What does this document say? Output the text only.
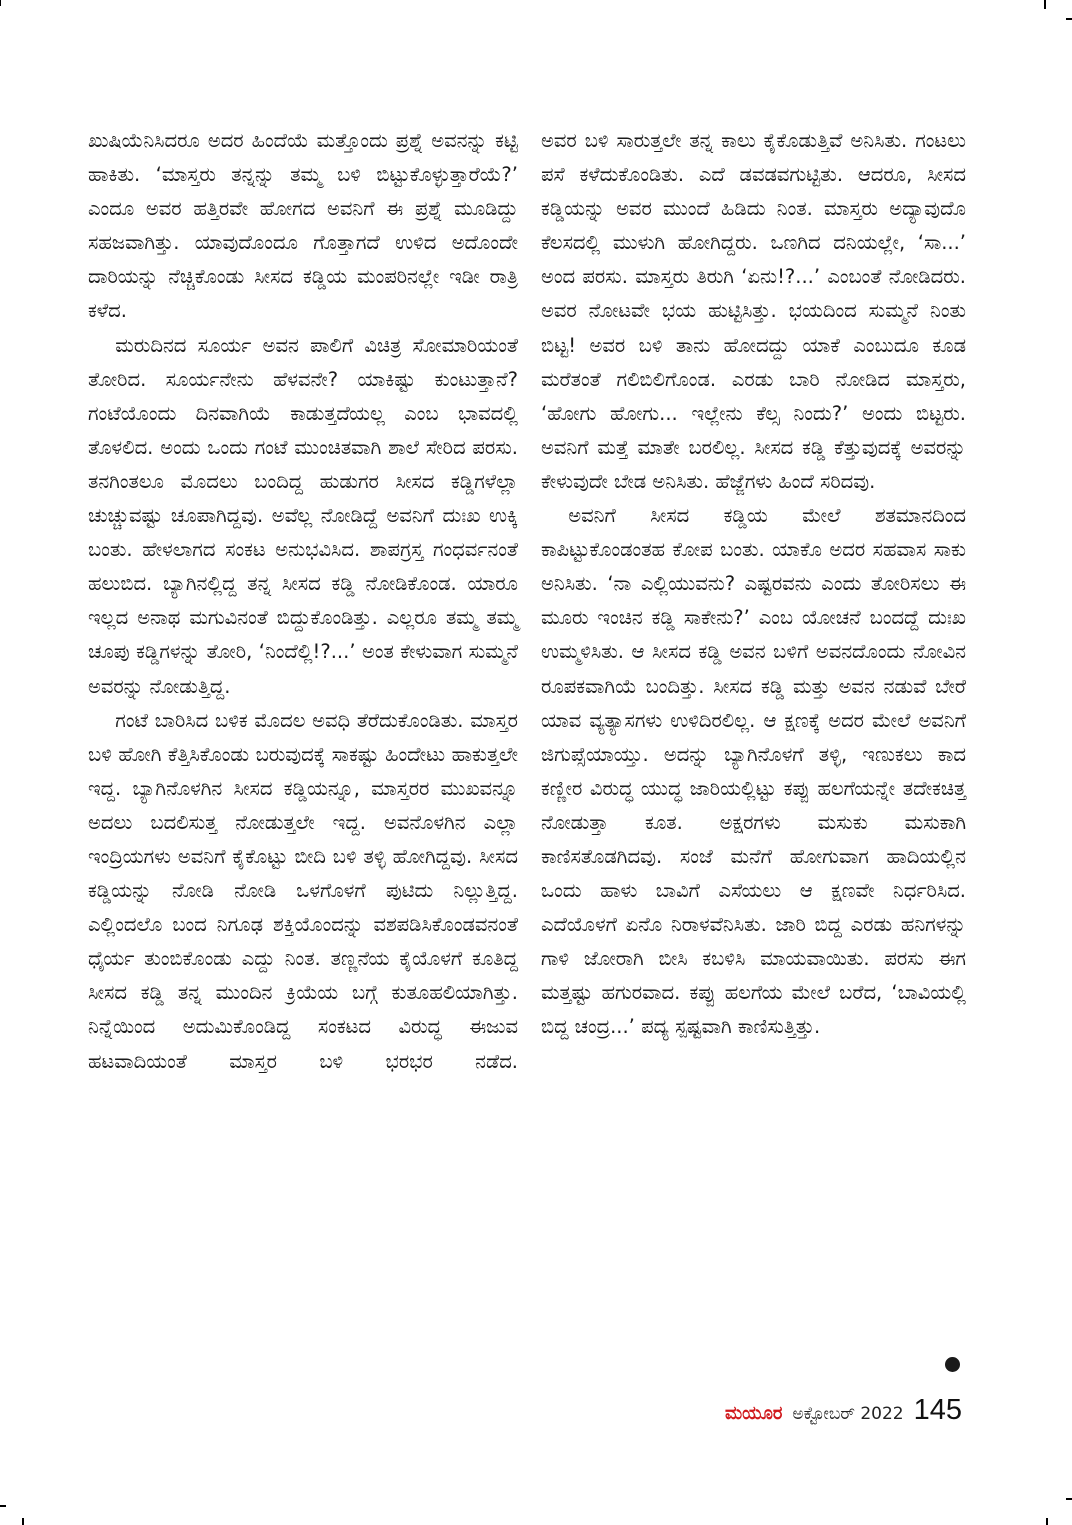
ಖುಷಿಯೆನಿಸಿದರೂ ಅದರ ಹಿಂದೆಯೆ ಮತ್ತೊಂದು ಪ್ರಶ್ನೆ ಅವನನ್ನು ಕಟ್ಟಿ ಹಾಕಿತು. ‘ಮಾಸ್ತರು ತನ್ನನ್ನು ತಮ್ಮ ಬಳಿ ಬಿಟ್ಟುಕೊಳ್ಳುತ್ತಾರೆಯೆ?’ ಎಂದೂ ಅವರ ಹತ್ತಿರವೇ ಹೋಗದ ಅವನಿಗೆ ಈ ಪ್ರಶ್ನೆ ಮೂಡಿದ್ದು ಸಹಜವಾಗಿತ್ತು. ಯಾವುದೊಂದೂ ಗೊತ್ತಾಗದೆ ಉಳಿದ ಅದೊಂದೇ ದಾರಿಯನ್ನು ನೆಚ್ಚಿಕೊಂಡು ಸೀಸದ ಕಡ್ಡಿಯ ಮಂಪರಿನಲ್ಲೇ ಇಡೀ ರಾತ್ರಿ ಕಳೆದ.

ಮರುದಿನದ ಸೂರ್ಯ ಅವನ ಪಾಲಿಗೆ ವಿಚಿತ್ರ ಸೋಮಾರಿಯಂತೆ ತೋರಿದ. ಸೂರ್ಯನೇನು ಹೆಳವನೇ? ಯಾಕಿಷ್ಟು ಕುಂಟುತ್ತಾನೆ? ಗಂಟೆಯೊಂದು ದಿನವಾಗಿಯೆ ಕಾಡುತ್ತದೆಯಲ್ಲ ಎಂಬ ಭಾವದಲ್ಲಿ ತೊಳಲಿದ. ಅಂದು ಒಂದು ಗಂಟೆ ಮುಂಚಿತವಾಗಿ ಶಾಲೆ ಸೇರಿದ ಪರಸು. ತನಗಿಂತಲೂ ಮೊದಲು ಬಂದಿದ್ದ ಹುಡುಗರ ಸೀಸದ ಕಡ್ಡಿಗಳೆಲ್ಲಾ ಚುಚ್ಚುವಷ್ಟು ಚೂಪಾಗಿದ್ದವು. ಅವೆಲ್ಲ ನೋಡಿದ್ದೆ ಅವನಿಗೆ ದುಃಖ ಉಕ್ಕಿ ಬಂತು. ಹೇಳಲಾಗದ ಸಂಕಟ ಅನುಭವಿಸಿದ. ಶಾಪಗ್ರಸ್ತ ಗಂಧರ್ವನಂತೆ ಹಲುಬಿದ. ಬ್ಯಾಗಿನಲ್ಲಿದ್ದ ತನ್ನ ಸೀಸದ ಕಡ್ಡಿ ನೋಡಿಕೊಂಡ. ಯಾರೂ ಇಲ್ಲದ ಅನಾಥ ಮಗುವಿನಂತೆ ಬಿದ್ದುಕೊಂಡಿತ್ತು. ಎಲ್ಲರೂ ತಮ್ಮ ತಮ್ಮ ಚೂಪು ಕಡ್ಡಿಗಳನ್ನು ತೋರಿ, ‘ನಿಂದೆಲ್ಲಿ!?...’ ಅಂತ ಕೇಳುವಾಗ ಸುಮ್ಮನೆ ಅವರನ್ನು ನೋಡುತ್ತಿದ್ದ.

ಗಂಟೆ ಬಾರಿಸಿದ ಬಳಿಕ ಮೊದಲ ಅವಧಿ ತೆರೆದುಕೊಂಡಿತು. ಮಾಸ್ತರ ಬಳಿ ಹೋಗಿ ಕೆತ್ತಿಸಿಕೊಂಡು ಬರುವುದಕ್ಕೆ ಸಾಕಷ್ಟು ಹಿಂದೇಟು ಹಾಕುತ್ತಲೇ ಇದ್ದ. ಬ್ಯಾಗಿನೊಳಗಿನ ಸೀಸದ ಕಡ್ಡಿಯನ್ನೂ, ಮಾಸ್ತರರ ಮುಖವನ್ನೂ ಅದಲು ಬದಲಿಸುತ್ತ ನೋಡುತ್ತಲೇ ಇದ್ದ. ಅವನೊಳಗಿನ ಎಲ್ಲಾ ಇಂದ್ರಿಯಗಳು ಅವನಿಗೆ ಕೈಕೊಟ್ಟು ಬೀದಿ ಬಳಿ ತಳ್ಳಿ ಹೋಗಿದ್ದವು. ಸೀಸದ ಕಡ್ಡಿಯನ್ನು ನೋಡಿ ನೋಡಿ ಒಳಗೊಳಗೆ ಪುಟಿದು ನಿಲ್ಲುತ್ತಿದ್ದ. ಎಲ್ಲಿಂದಲೊ ಬಂದ ನಿಗೂಢ ಶಕ್ತಿಯೊಂದನ್ನು ವಶಪಡಿಸಿಕೊಂಡವನಂತೆ ಧೈರ್ಯ ತುಂಬಿಕೊಂಡು ಎದ್ದು ನಿಂತ. ತಣ್ಣನೆಯ ಕೈಯೊಳಗೆ ಕೂತಿದ್ದ ಸೀಸದ ಕಡ್ಡಿ ತನ್ನ ಮುಂದಿನ ಕ್ರಿಯೆಯ ಬಗ್ಗೆ ಕುತೂಹಲಿಯಾಗಿತ್ತು. ನಿನ್ನೆಯಿಂದ ಅದುಮಿಕೊಂಡಿದ್ದ ಸಂಕಟದ ವಿರುದ್ಧ ಈಜುವ ಹಟವಾದಿಯಂತೆ ಮಾಸ್ತರ ಬಳಿ ಭರಭರ ನಡೆದ.

ಅವರ ಬಳಿ ಸಾರುತ್ತಲೇ ತನ್ನ ಕಾಲು ಕೈಕೊಡುತ್ತಿವೆ ಅನಿಸಿತು. ಗಂಟಲು ಪಸೆ ಕಳೆದುಕೊಂಡಿತು. ಎದೆ ಡವಡವಗುಟ್ಟಿತು. ಆದರೂ, ಸೀಸದ ಕಡ್ಡಿಯನ್ನು ಅವರ ಮುಂದೆ ಹಿಡಿದು ನಿಂತ. ಮಾಸ್ತರು ಅದ್ಯಾವುದೊ ಕೆಲಸದಲ್ಲಿ ಮುಳುಗಿ ಹೋಗಿದ್ದರು. ಒಣಗಿದ ದನಿಯಲ್ಲೇ, ‘ಸಾ...’ ಅಂದ ಪರಸು. ಮಾಸ್ತರು ತಿರುಗಿ ‘ಏನು!?...’ ಎಂಬಂತೆ ನೋಡಿದರು. ಅವರ ನೋಟವೇ ಭಯ ಹುಟ್ಟಿಸಿತ್ತು. ಭಯದಿಂದ ಸುಮ್ಮನೆ ನಿಂತು ಬಿಟ್ಟ! ಅವರ ಬಳಿ ತಾನು ಹೋದದ್ದು ಯಾಕೆ ಎಂಬುದೂ ಕೂಡ ಮರೆತಂತೆ ಗಲಿಬಿಲಿಗೊಂಡ. ಎರಡು ಬಾರಿ ನೋಡಿದ ಮಾಸ್ತರು, ‘ಹೋಗು ಹೋಗು... ಇಲ್ಲೇನು ಕೆಲ್ಸ ನಿಂದು?’ ಅಂದು ಬಿಟ್ಟರು. ಅವನಿಗೆ ಮತ್ತೆ ಮಾತೇ ಬರಲಿಲ್ಲ. ಸೀಸದ ಕಡ್ಡಿ ಕೆತ್ತುವುದಕ್ಕೆ ಅವರನ್ನು ಕೇಳುವುದೇ ಬೇಡ ಅನಿಸಿತು. ಹೆಜ್ಜೆಗಳು ಹಿಂದೆ ಸರಿದವು.

ಅವನಿಗೆ ಸೀಸದ ಕಡ್ಡಿಯ ಮೇಲೆ ಶತಮಾನದಿಂದ ಕಾಪಿಟ್ಟುಕೊಂಡಂತಹ ಕೋಪ ಬಂತು. ಯಾಕೊ ಅದರ ಸಹವಾಸ ಸಾಕು ಅನಿಸಿತು. ‘ನಾ ಎಲ್ಲಿಯುವನು? ಎಷ್ಟರವನು ಎಂದು ತೋರಿಸಲು ಈ ಮೂರು ಇಂಚಿನ ಕಡ್ಡಿ ಸಾಕೇನು?’ ಎಂಬ ಯೋಚನೆ ಬಂದದ್ದೆ ದುಃಖ ಉಮ್ಮಳಿಸಿತು. ಆ ಸೀಸದ ಕಡ್ಡಿ ಅವನ ಬಳಿಗೆ ಅವನದೊಂದು ನೋವಿನ ರೂಪಕವಾಗಿಯೆ ಬಂದಿತ್ತು. ಸೀಸದ ಕಡ್ಡಿ ಮತ್ತು ಅವನ ನಡುವೆ ಬೇರೆ ಯಾವ ವ್ಯತ್ಯಾಸಗಳು ಉಳಿದಿರಲಿಲ್ಲ. ಆ ಕ್ಷಣಕ್ಕೆ ಅದರ ಮೇಲೆ ಅವನಿಗೆ ಜಿಗುಪ್ಸೆಯಾಯ್ತು. ಅದನ್ನು ಬ್ಯಾಗಿನೊಳಗೆ ತಳ್ಳಿ, ಇಣುಕಲು ಕಾದ ಕಣ್ಣೀರ ವಿರುದ್ಧ ಯುದ್ಧ ಜಾರಿಯಲ್ಲಿಟ್ಟು ಕಪ್ಪು ಹಲಗೆಯನ್ನೇ ತದೇಕಚಿತ್ತ ನೋಡುತ್ತಾ ಕೂತ. ಅಕ್ಷರಗಳು ಮಸುಕು ಮಸುಕಾಗಿ ಕಾಣಿಸತೊಡಗಿದವು. ಸಂಜೆ ಮನೆಗೆ ಹೋಗುವಾಗ ಹಾದಿಯಲ್ಲಿನ ಒಂದು ಹಾಳು ಬಾವಿಗೆ ಎಸೆಯಲು ಆ ಕ್ಷಣವೇ ನಿರ್ಧರಿಸಿದ. ಎದೆಯೊಳಗೆ ಏನೊ ನಿರಾಳವೆನಿಸಿತು. ಜಾರಿ ಬಿದ್ದ ಎರಡು ಹನಿಗಳನ್ನು ಗಾಳಿ ಜೋರಾಗಿ ಬೀಸಿ ಕಬಳಿಸಿ ಮಾಯವಾಯಿತು. ಪರಸು ಈಗ ಮತ್ತಷ್ಟು ಹಗುರವಾದ. ಕಪ್ಪು ಹಲಗೆಯ ಮೇಲೆ ಬರೆದ, ‘ಬಾವಿಯಲ್ಲಿ ಬಿದ್ದ ಚಂದ್ರ...’ ಪದ್ಯ ಸ್ಪಷ್ಟವಾಗಿ ಕಾಣಿಸುತ್ತಿತ್ತು.

ಮಯೂರ ಅಕ್ಟೋಬರ್ 2022 145
